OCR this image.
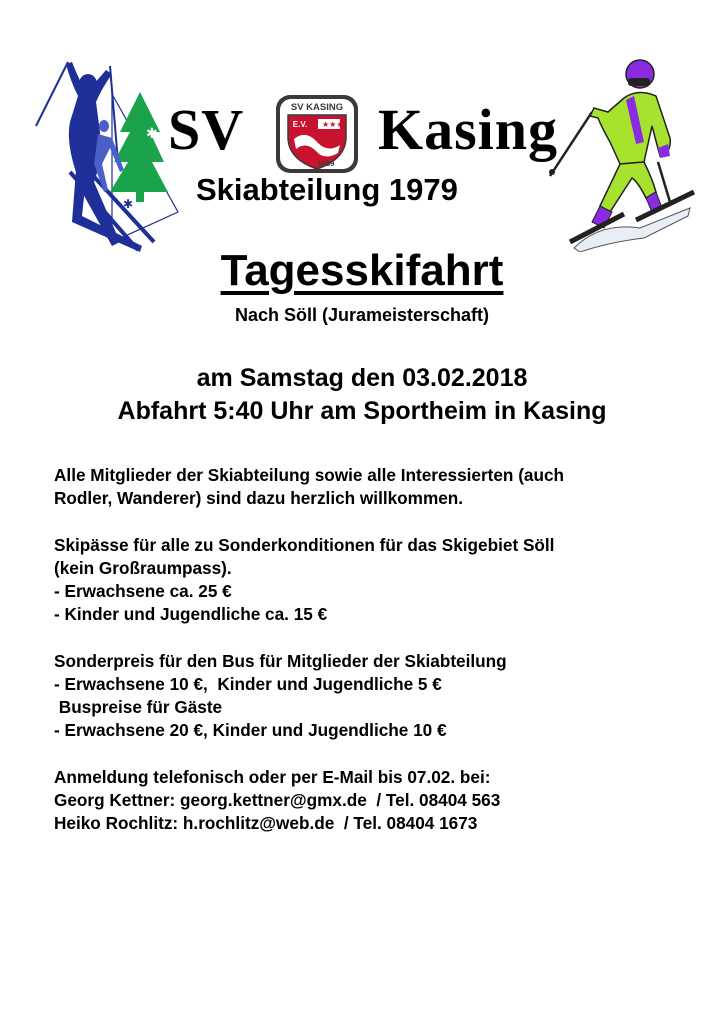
✱
✱
SV	★★★
SV KASING
E.V.
1959
Kasing
Skiabteilung 1979
Tagesskifahrt
Nach Söll (Jurameisterschaft)
am Samstag den 03.02.2018
Abfahrt 5:40 Uhr am Sportheim in Kasing
Alle Mitglieder der Skiabteilung sowie alle Interessierten (auch
Rodler, Wanderer) sind dazu herzlich willkommen.
Skipässe für alle zu Sonderkonditionen für das Skigebiet Söll
(kein Großraumpass).
- Erwachsene ca. 25 €
- Kinder und Jugendliche ca. 15 €
Sonderpreis für den Bus für Mitglieder der Skiabteilung
- Erwachsene 10 €,  Kinder und Jugendliche 5 €
Buspreise für Gäste
- Erwachsene 20 €, Kinder und Jugendliche 10 €
Anmeldung telefonisch oder per E-Mail bis 07.02. bei:
Georg Kettner: georg.kettner@gmx.de  / Tel. 08404 563
Heiko Rochlitz: h.rochlitz@web.de  / Tel. 08404 1673
